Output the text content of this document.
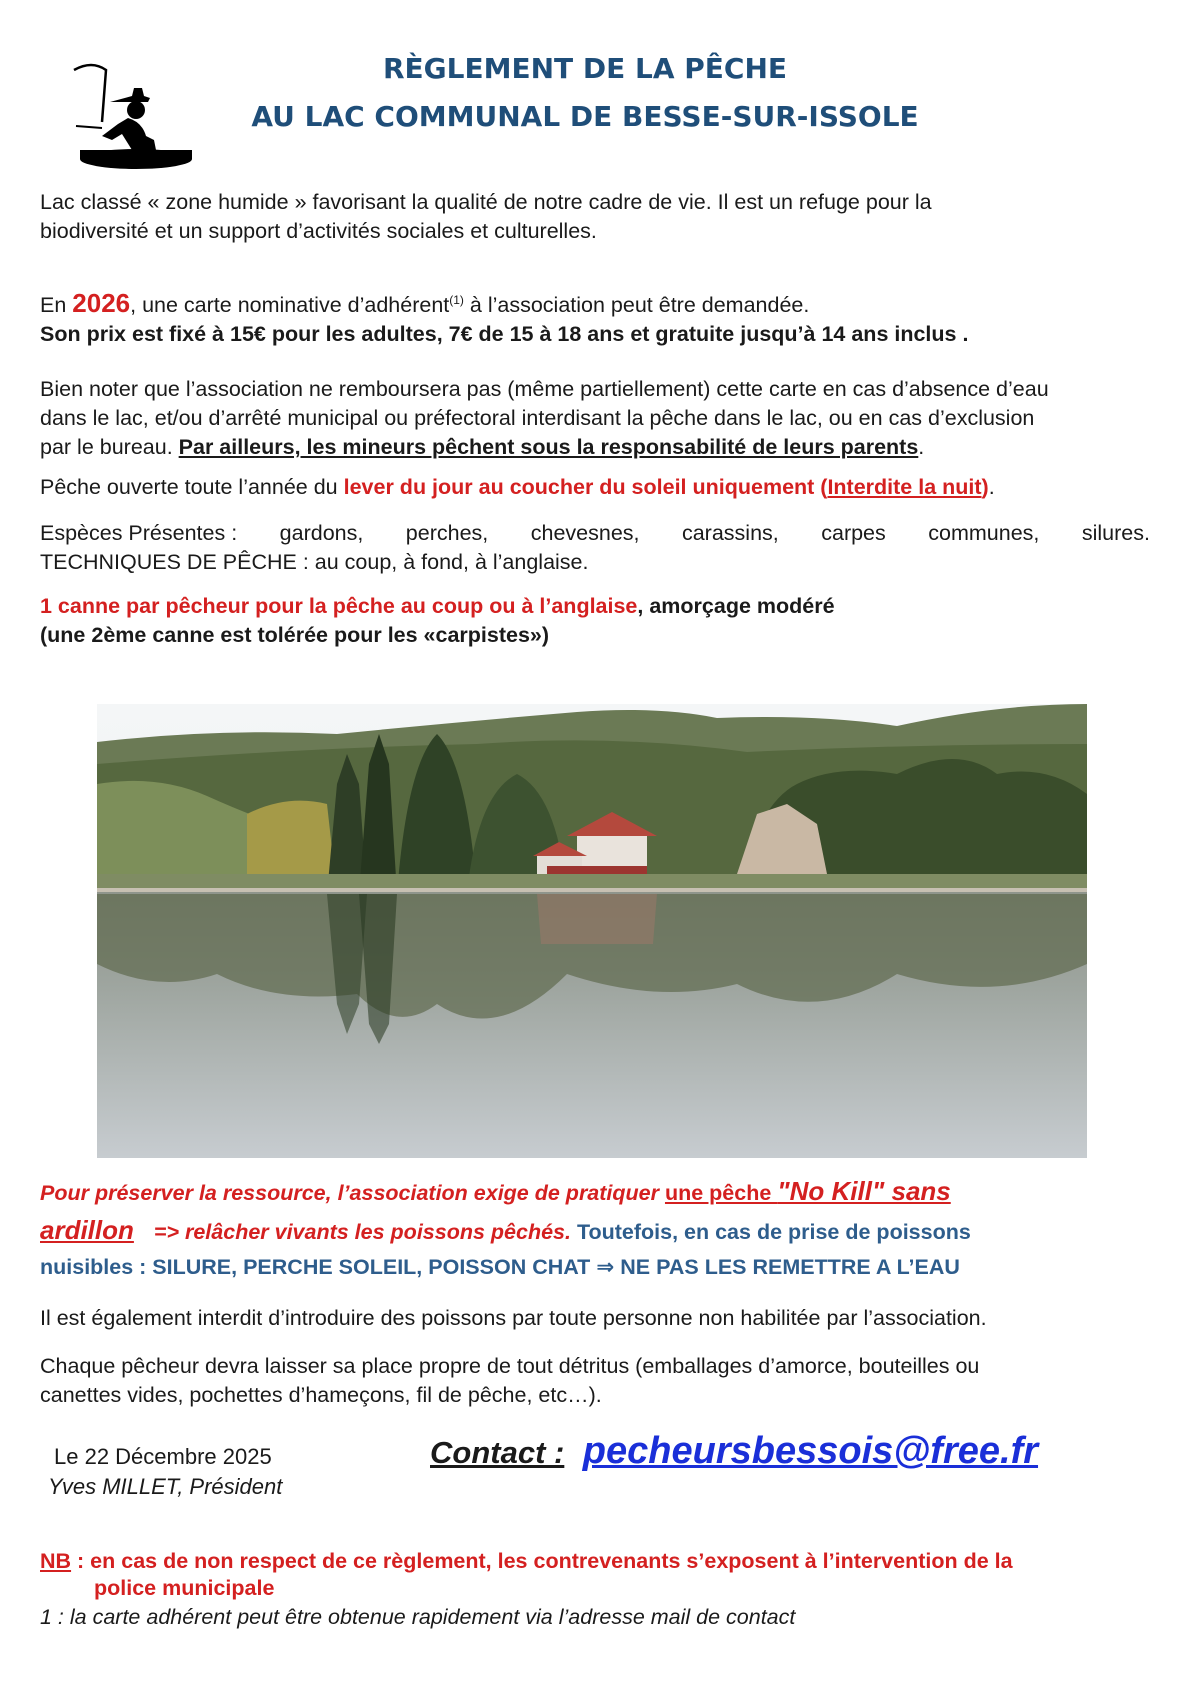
RÈGLEMENT DE LA PÊCHE
AU LAC COMMUNAL DE BESSE-SUR-ISSOLE

Lac classé « zone humide » favorisant la qualité de notre cadre de vie. Il est un refuge pour la

biodiversité et un support d’activités sociales et culturelles.

En 2026, une carte nominative d’adhérent$^{(1)}$ à l’association peut être demandée.

Son prix est fixé à 15€ pour les adultes, 7€ de 15 à 18 ans et gratuite jusqu’à 14 ans inclus .

Bien noter que l’association ne remboursera pas (même partiellement) cette carte en cas d’absence d’eau

dans le lac, et/ou d’arrêté municipal ou préfectoral interdisant la pêche dans le lac, ou en cas d’exclusion

par le bureau. Par ailleurs, les mineurs pêchent sous la responsabilité de leurs parents.

Pêche ouverte toute l’année du lever du jour au coucher du soleil uniquement (Interdite la nuit).

Espèces Présentes : gardons, perches, chevesnes, carassins, carpes communes, silures.

TECHNIQUES DE PÊCHE : au coup, à fond, à l’anglaise.

1 canne par pêcheur pour la pêche au coup ou à l’anglaise, amorçage modéré

(une 2ème canne est tolérée pour les «carpistes»)

Pour préserver la ressource, l’association exige de pratiquer une pêche "No Kill" sans

ardillon => relâcher vivants les poissons pêchés. Toutefois, en cas de prise de poissons

nuisibles : SILURE, PERCHE SOLEIL, POISSON CHAT ⇒ NE PAS LES REMETTRE A L’EAU

Il est également interdit d’introduire des poissons par toute personne non habilitée par l’association.

Chaque pêcheur devra laisser sa place propre de tout détritus (emballages d’amorce, bouteilles ou

canettes vides, pochettes d’hameçons, fil de pêche, etc…).

Le 22 Décembre 2025

Yves MILLET, Président

Contact : pecheursbessois@free.fr

NB : en cas de non respect de ce règlement, les contrevenants s’exposent à l’intervention de la

police municipale

1 : la carte adhérent peut être obtenue rapidement via l’adresse mail de contact
